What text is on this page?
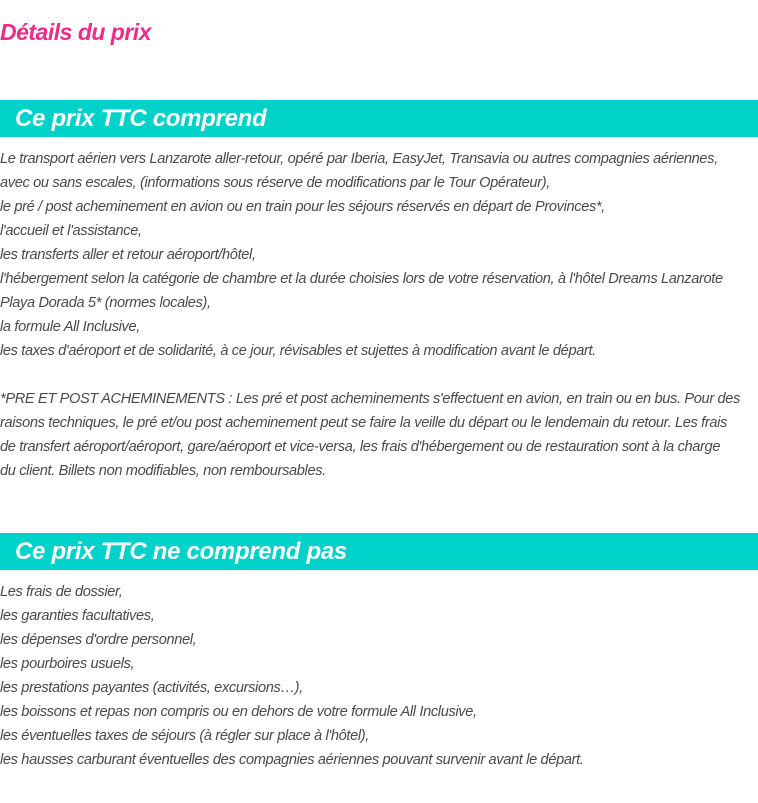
Détails du prix
Ce prix TTC comprend

Le transport aérien vers Lanzarote aller-retour, opéré par Iberia, EasyJet, Transavia ou autres compagnies aériennes,

avec ou sans escales, (informations sous réserve de modifications par le Tour Opérateur),

le pré / post acheminement en avion ou en train pour les séjours réservés en départ de Provinces*,

l'accueil et l'assistance,

les transferts aller et retour aéroport/hôtel,

l'hébergement selon la catégorie de chambre et la durée choisies lors de votre réservation, à l'hôtel Dreams Lanzarote

Playa Dorada 5* (normes locales),

la formule All Inclusive,

les taxes d'aéroport et de solidarité, à ce jour, révisables et sujettes à modification avant le départ.

*PRE ET POST ACHEMINEMENTS : Les pré et post acheminements s'effectuent en avion, en train ou en bus. Pour des

raisons techniques, le pré et/ou post acheminement peut se faire la veille du départ ou le lendemain du retour. Les frais

de transfert aéroport/aéroport, gare/aéroport et vice-versa, les frais d'hébergement ou de restauration sont à la charge

du client. Billets non modifiables, non remboursables.

Ce prix TTC ne comprend pas

Les frais de dossier,

les garanties facultatives,

les dépenses d'ordre personnel,

les pourboires usuels,

les prestations payantes (activités, excursions…),

les boissons et repas non compris ou en dehors de votre formule All Inclusive,

les éventuelles taxes de séjours (à régler sur place à l'hôtel),

les hausses carburant éventuelles des compagnies aériennes pouvant survenir avant le départ.
